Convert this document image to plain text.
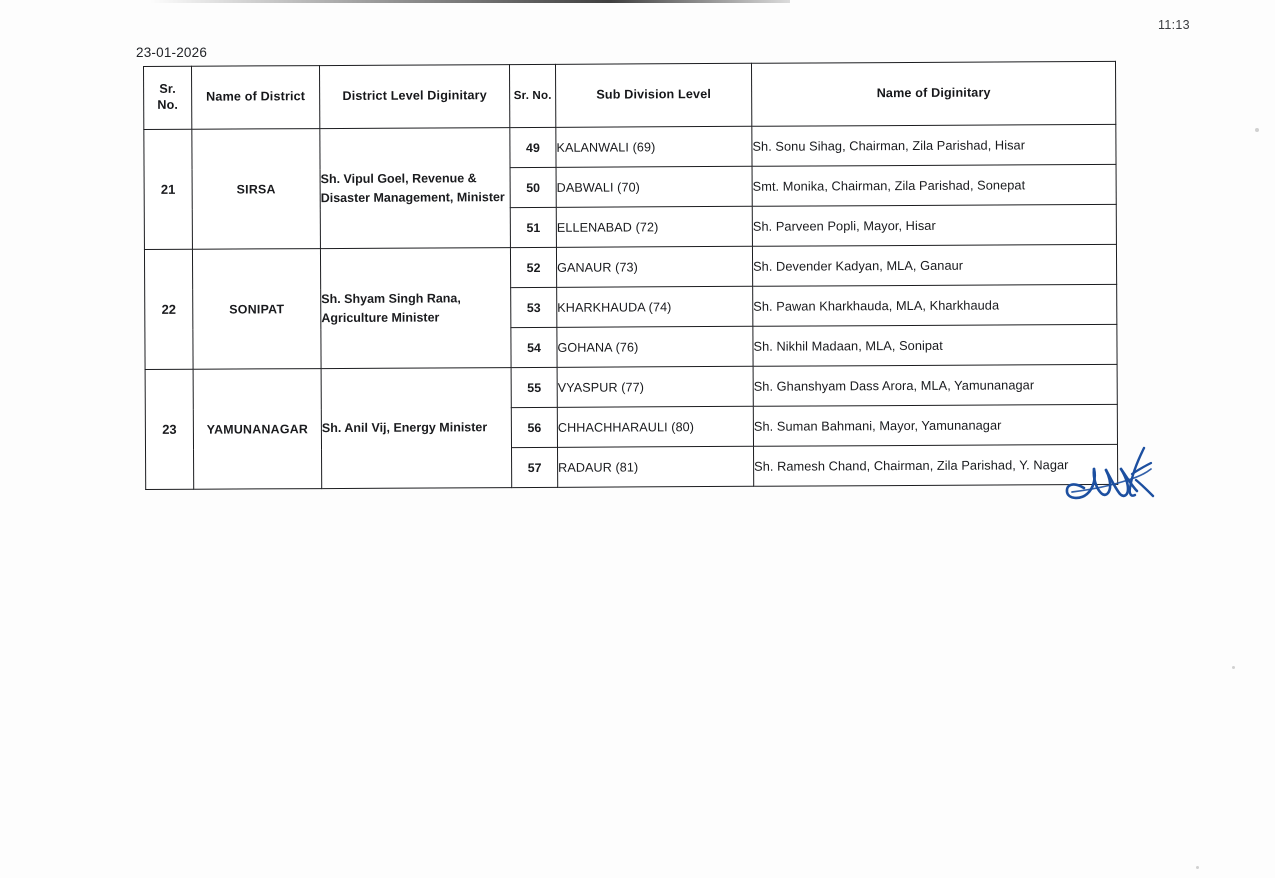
23-01-2026
11:13
Sr.
No.	Name of District	District Level Diginitary	Sr. No.	Sub Division Level	Name of Diginitary
21	SIRSA	Sh. Vipul Goel, Revenue & Disaster Management, Minister	49	KALANWALI (69)	Sh. Sonu Sihag, Chairman, Zila Parishad, Hisar
			50	DABWALI (70)	Smt. Monika, Chairman, Zila Parishad, Sonepat
			51	ELLENABAD (72)	Sh. Parveen Popli, Mayor, Hisar
22	SONIPAT	Sh. Shyam Singh Rana, Agriculture Minister	52	GANAUR (73)	Sh. Devender Kadyan, MLA, Ganaur
			53	KHARKHAUDA (74)	Sh. Pawan Kharkhauda, MLA, Kharkhauda
			54	GOHANA (76)	Sh. Nikhil Madaan, MLA, Sonipat
23	YAMUNANAGAR	Sh. Anil Vij, Energy Minister	55	VYASPUR (77)	Sh. Ghanshyam Dass Arora, MLA, Yamunanagar
			56	CHHACHHARAULI (80)	Sh. Suman Bahmani, Mayor, Yamunanagar
			57	RADAUR (81)	Sh. Ramesh Chand, Chairman, Zila Parishad, Y. Nagar
